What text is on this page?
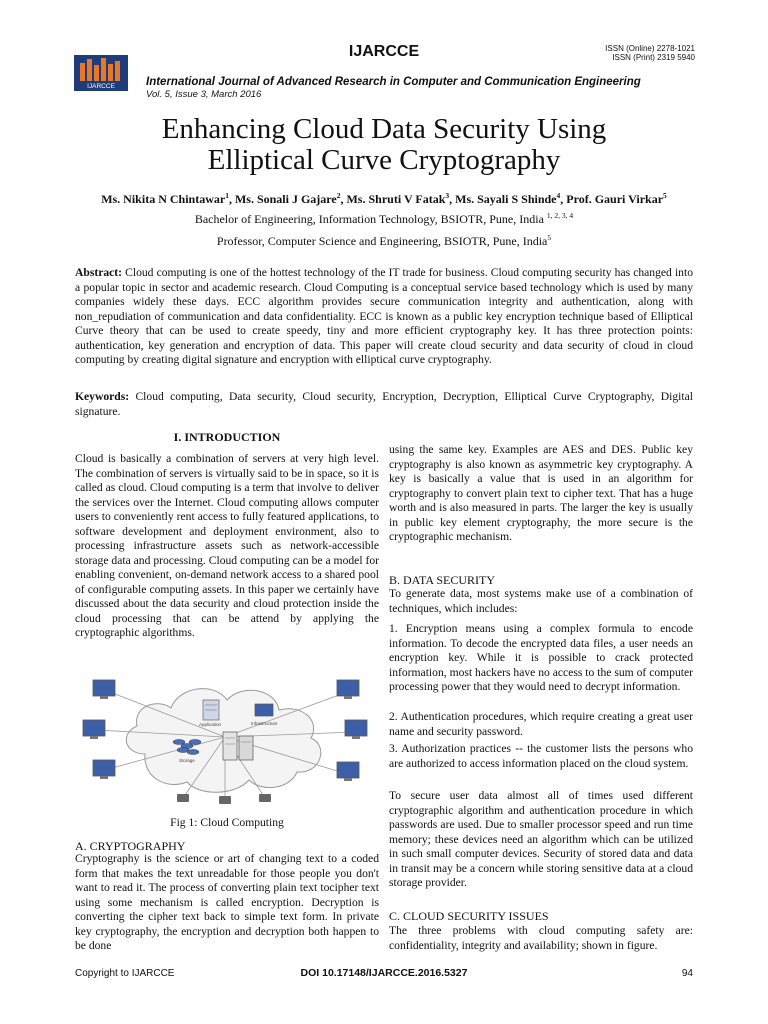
IJARCCE	ISSN (Online) 2278-1021
ISSN (Print) 2319 5940
IJARCCE	International Journal of Advanced Research in Computer and Communication Engineering
Vol. 5, Issue 3, March 2016
Enhancing Cloud Data Security Using
Elliptical Curve Cryptography
Ms. Nikita N Chintawar$^1$, Ms. Sonali J Gajare$^2$, Ms. Shruti V Fatak$^3$, Ms. Sayali S Shinde$^4$, Prof. Gauri Virkar$^5$
Bachelor of Engineering, Information Technology, BSIOTR, Pune, India $^{1, 2, 3, 4}$
Professor, Computer Science and Engineering, BSIOTR, Pune, India$^5$
Abstract: Cloud computing is one of the hottest technology of the IT trade for business. Cloud computing security has changed into a popular topic in sector and academic research. Cloud Computing is a conceptual service based technology which is used by many companies widely these days. ECC algorithm provides secure communication integrity and authentication, along with non_repudiation of communication and data confidentiality. ECC is known as a public key encryption technique based of Elliptical Curve theory that can be used to create speedy, tiny and more efficient cryptography key. It has three protection points: authentication, key generation and encryption of data. This paper will create cloud security and data security of cloud in cloud computing by creating digital signature and encryption with elliptical curve cryptography.
Keywords: Cloud computing, Data security, Cloud security, Encryption, Decryption, Elliptical Curve Cryptography, Digital signature.
I. INTRODUCTION
Cloud is basically a combination of servers at very high level. The combination of servers is virtually said to be in space, so it is called as cloud. Cloud computing is a term that involve to deliver the services over the Internet. Cloud computing allows computer users to conveniently rent access to fully featured applications, to software development and deployment environment, also to processing infrastructure assets such as network-accessible storage data and processing. Cloud computing can be a model for enabling convenient, on-demand network access to a shared pool of configurable computing assets. In this paper we certainly have discussed about the data security and cloud protection inside the cloud processing that can be attend by applying the cryptographic algorithms.
Application	Infrastructure
Storage
Fig 1: Cloud Computing
A. CRYPTOGRAPHY
Cryptography is the science or art of changing text to a coded form that makes the text unreadable for those people you don't want to read it. The process of converting plain text tocipher text using some mechanism is called encryption. Decryption is converting the cipher text back to simple text form. In private key cryptography, the encryption and decryption both happen to be done
using the same key. Examples are AES and DES. Public key cryptography is also known as asymmetric key cryptography. A key is basically a value that is used in an algorithm for cryptography to convert plain text to cipher text. That has a huge worth and is also measured in parts. The larger the key is usually in public key element cryptography, the more secure is the cryptographic mechanism.
B. DATA SECURITY
To generate data, most systems make use of a combination of techniques, which includes:
1. Encryption means using a complex formula to encode information. To decode the encrypted data files, a user needs an encryption key. While it is possible to crack protected information, most hackers have no access to the sum of computer processing power that they would need to decrypt information.
2. Authentication procedures, which require creating a great user name and security password.
3. Authorization practices -- the customer lists the persons who are authorized to access information placed on the cloud system.
To secure user data almost all of times used different cryptographic algorithm and authentication procedure in which passwords are used. Due to smaller processor speed and run time memory; these devices need an algorithm which can be utilized in such small computer devices. Security of stored data and data in transit may be a concern while storing sensitive data at a cloud storage provider.
C. CLOUD SECURITY ISSUES
The three problems with cloud computing safety are: confidentiality, integrity and availability; shown in figure.
Copyright to IJARCCE	DOI 10.17148/IJARCCE.2016.5327	94
